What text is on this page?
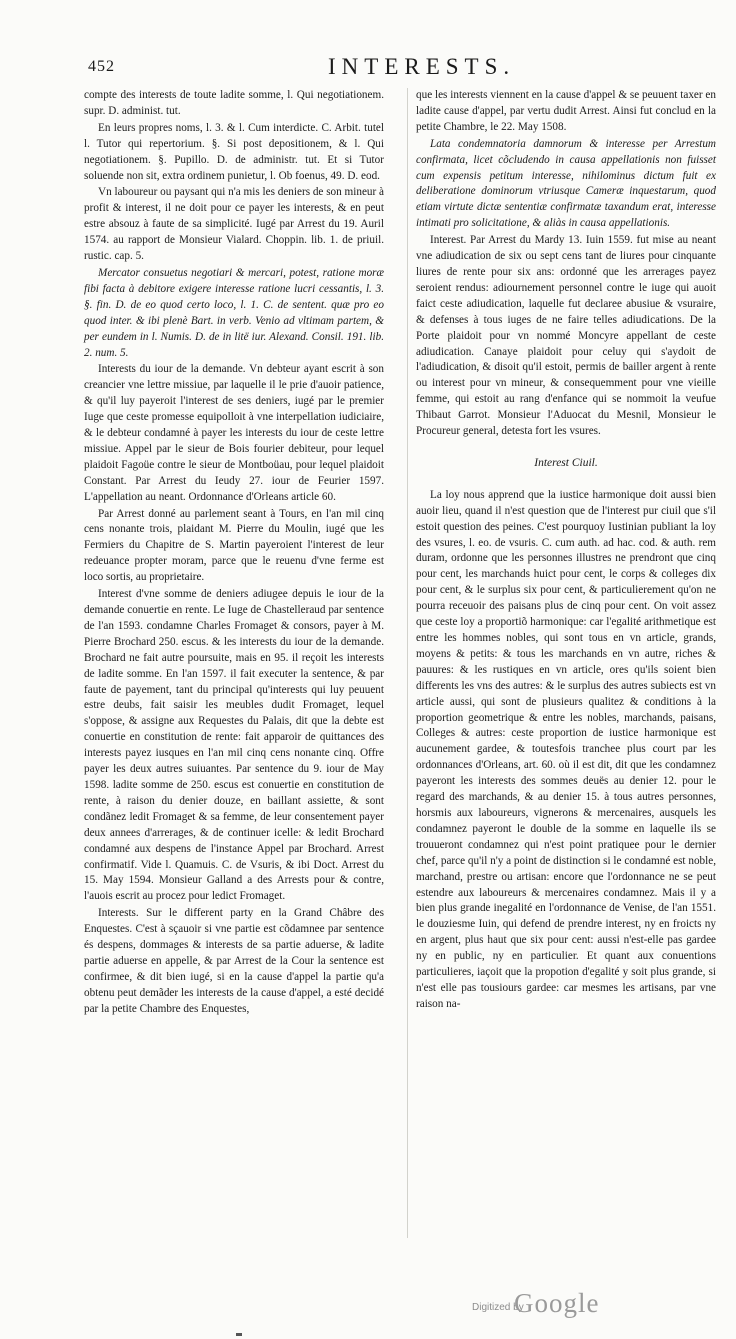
452	INTERESTS.

compte des interests de toute ladite somme, l. Qui negotiationem. supr. D. administ. tut.

En leurs propres noms, l. 3. & l. Cum interdicte. C. Arbit. tutel l. Tutor qui repertorium. §. Si post depositionem, & l. Qui negotiationem. §. Pupillo. D. de administr. tut. Et si Tutor soluende non sit, extra ordinem punietur, l. Ob foenus, 49. D. eod.

Vn laboureur ou paysant qui n'a mis les deniers de son mineur à profit & interest, il ne doit pour ce payer les interests, & en peut estre absouz à faute de sa simplicité. Iugé par Arrest du 19. Auril 1574. au rapport de Monsieur Vialard. Choppin. lib. 1. de priuil. rustic. cap. 5.

Mercator consuetus negotiari & mercari, potest, ratione moræ fibi facta à debitore exigere interesse ratione lucri cessantis, l. 3. §. fin. D. de eo quod certo loco, l. 1. C. de sentent. quæ pro eo quod inter. & ibi plenè Bart. in verb. Venio ad vltimam partem, & per eundem in l. Numis. D. de in litë iur. Alexand. Consil. 191. lib. 2. num. 5.

Interests du iour de la demande. Vn debteur ayant escrit à son creancier vne lettre missiue, par laquelle il le prie d'auoir patience, & qu'il luy payeroit l'interest de ses deniers, iugé par le premier Iuge que ceste promesse equipolloit à vne interpellation iudiciaire, & le debteur condamné à payer les interests du iour de ceste lettre missiue. Appel par le sieur de Bois fourier debiteur, pour lequel plaidoit Fagoüe contre le sieur de Montboüau, pour lequel plaidoit Constant. Par Arrest du Ieudy 27. iour de Feurier 1597. L'appellation au neant. Ordonnance d'Orleans article 60.

Par Arrest donné au parlement seant à Tours, en l'an mil cinq cens nonante trois, plaidant M. Pierre du Moulin, iugé que les Fermiers du Chapitre de S. Martin payeroient l'interest de leur redeuance propter moram, parce que le reuenu d'vne ferme est loco sortis, au proprietaire.

Interest d'vne somme de deniers adiugee depuis le iour de la demande conuertie en rente. Le Iuge de Chastelleraud par sentence de l'an 1593. condamne Charles Fromaget & consors, payer à M. Pierre Brochard 250. escus. & les interests du iour de la demande. Brochard ne fait autre poursuite, mais en 95. il reçoit les interests de ladite somme. En l'an 1597. il fait executer la sentence, & par faute de payement, tant du principal qu'interests qui luy peuuent estre deubs, fait saisir les meubles dudit Fromaget, lequel s'oppose, & assigne aux Requestes du Palais, dit que la debte est conuertie en constitution de rente: fait apparoir de quittances des interests payez iusques en l'an mil cinq cens nonante cinq. Offre payer les deux autres suiuantes. Par sentence du 9. iour de May 1598. ladite somme de 250. escus est conuertie en constitution de rente, à raison du denier douze, en baillant assiette, & sont condãnez ledit Fromaget & sa femme, de leur consentement payer deux annees d'arrerages, & de continuer icelle: & ledit Brochard condamné aux despens de l'instance Appel par Brochard. Arrest confirmatif. Vide l. Quamuis. C. de Vsuris, & ibi Doct. Arrest du 15. May 1594. Monsieur Galland a des Arrests pour & contre, l'auois escrit au procez pour ledict Fromaget.

Interests. Sur le different party en la Grand Châbre des Enquestes. C'est à sçauoir si vne partie est cõdamnee par sentence és despens, dommages & interests de sa partie aduerse, & ladite partie aduerse en appelle, & par Arrest de la Cour la sentence est confirmee, & dit bien iugé, si en la cause d'appel la partie qu'a obtenu peut demãder les interests de la cause d'appel, a esté decidé par la petite Chambre des Enquestes,

que les interests viennent en la cause d'appel & se peuuent taxer en ladite cause d'appel, par vertu dudit Arrest. Ainsi fut conclud en la petite Chambre, le 22. May 1508.

Lata condemnatoria damnorum & interesse per Arrestum confirmata, licet cõcludendo in causa appellationis non fuisset cum expensis petitum interesse, nihilominus dictum fuit ex deliberatione dominorum vtriusque Cameræ inquestarum, quod etiam virtute dictæ sententiæ confirmatæ taxandum erat, interesse intimati pro solicitatione, & aliàs in causa appellationis.

Interest. Par Arrest du Mardy 13. Iuin 1559. fut mise au neant vne adiudication de six ou sept cens tant de liures pour cinquante liures de rente pour six ans: ordonné que les arrerages payez seroient rendus: adiournement personnel contre le iuge qui auoit faict ceste adiudication, laquelle fut declaree abusiue & vsuraire, & defenses à tous iuges de ne faire telles adiudications. De la Porte plaidoit pour vn nommé Moncyre appellant de ceste adiudication. Canaye plaidoit pour celuy qui s'aydoit de l'adiudication, & disoit qu'il estoit, permis de bailler argent à rente ou interest pour vn mineur, & consequemment pour vne vieille femme, qui estoit au rang d'enfance qui se nommoit la veufue Thibaut Garrot. Monsieur l'Aduocat du Mesnil, Monsieur le Procureur general, detesta fort les vsures.

Interest Ciuil.

La loy nous apprend que la iustice harmonique doit aussi bien auoir lieu, quand il n'est question que de l'interest pur ciuil que s'il estoit question des peines. C'est pourquoy Iustinian publiant la loy des vsures, l. eo. de vsuris. C. cum auth. ad hac. cod. & auth. rem duram, ordonne que les personnes illustres ne prendront que cinq pour cent, les marchands huict pour cent, le corps & colleges dix pour cent, & le surplus six pour cent, & particulierement qu'on ne pourra receuoir des paisans plus de cinq pour cent. On voit assez que ceste loy a proportiõ harmonique: car l'egalité arithmetique est entre les hommes nobles, qui sont tous en vn article, grands, moyens & petits: & tous les marchands en vn autre, riches & pauures: & les rustiques en vn article, ores qu'ils soient bien differents les vns des autres: & le surplus des autres subiects est vn article aussi, qui sont de plusieurs qualitez & conditions à la proportion geometrique & entre les nobles, marchands, paisans, Colleges & autres: ceste proportion de iustice harmonique est aucunement gardee, & toutesfois tranchee plus court par les ordonnances d'Orleans, art. 60. où il est dit, dit que les condamnez payeront les interests des sommes deuës au denier 12. pour le regard des marchands, & au denier 15. à tous autres personnes, horsmis aux laboureurs, vignerons & mercenaires, ausquels les condamnez payeront le double de la somme en laquelle ils se trouueront condamnez qui n'est point pratiquee pour le dernier chef, parce qu'il n'y a point de distinction si le condamné est noble, marchand, prestre ou artisan: encore que l'ordonnance ne se peut estendre aux laboureurs & mercenaires condamnez. Mais il y a bien plus grande inegalité en l'ordonnance de Venise, de l'an 1551. le douziesme Iuin, qui defend de prendre interest, ny en froicts ny en argent, plus haut que six pour cent: aussi n'est-elle pas gardee ny en public, ny en particulier. Et quant aux conuentions particulieres, iaçoit que la propotion d'egalité y soit plus grande, si n'est elle pas tousiours gardee: car mesmes les artisans, par vne raison na-

Digitized by
Google
